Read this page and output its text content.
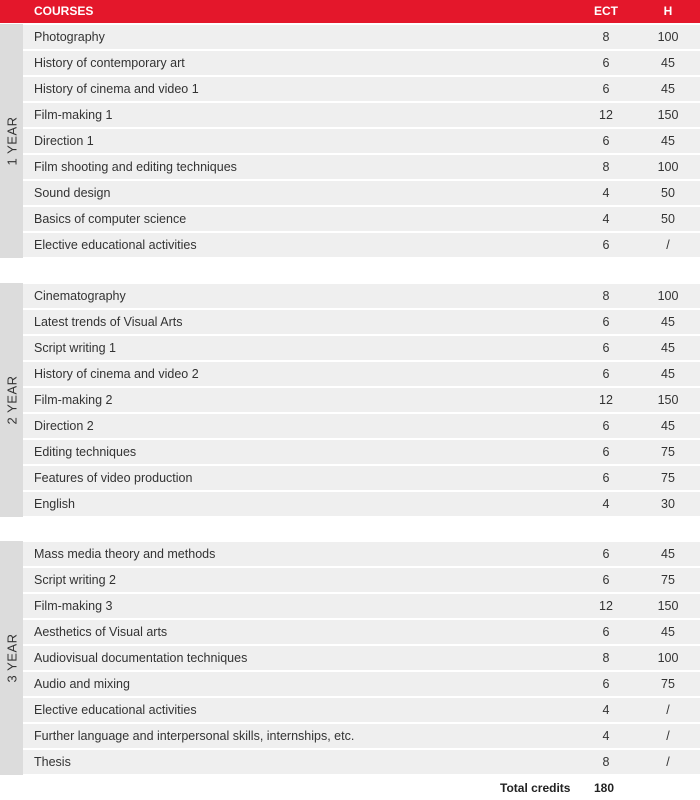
COURSES	ECT	H
1 YEAR
Photography	8	100
History of contemporary art	6	45
History of cinema and video 1	6	45
Film-making 1	12	150
Direction 1	6	45
Film shooting and editing techniques	8	100
Sound design	4	50
Basics of computer science	4	50
Elective educational activities	6	/
2 YEAR
Cinematography	8	100
Latest trends of Visual Arts	6	45
Script writing 1	6	45
History of cinema and video 2	6	45
Film-making 2	12	150
Direction 2	6	45
Editing techniques	6	75
Features of video production	6	75
English	4	30
3 YEAR
Mass media theory and methods	6	45
Script writing 2	6	75
Film-making 3	12	150
Aesthetics of Visual arts	6	45
Audiovisual documentation techniques	8	100
Audio and mixing	6	75
Elective educational activities	4	/
Further language and interpersonal skills, internships, etc.	4	/
Thesis	8	/
Total credits 180
